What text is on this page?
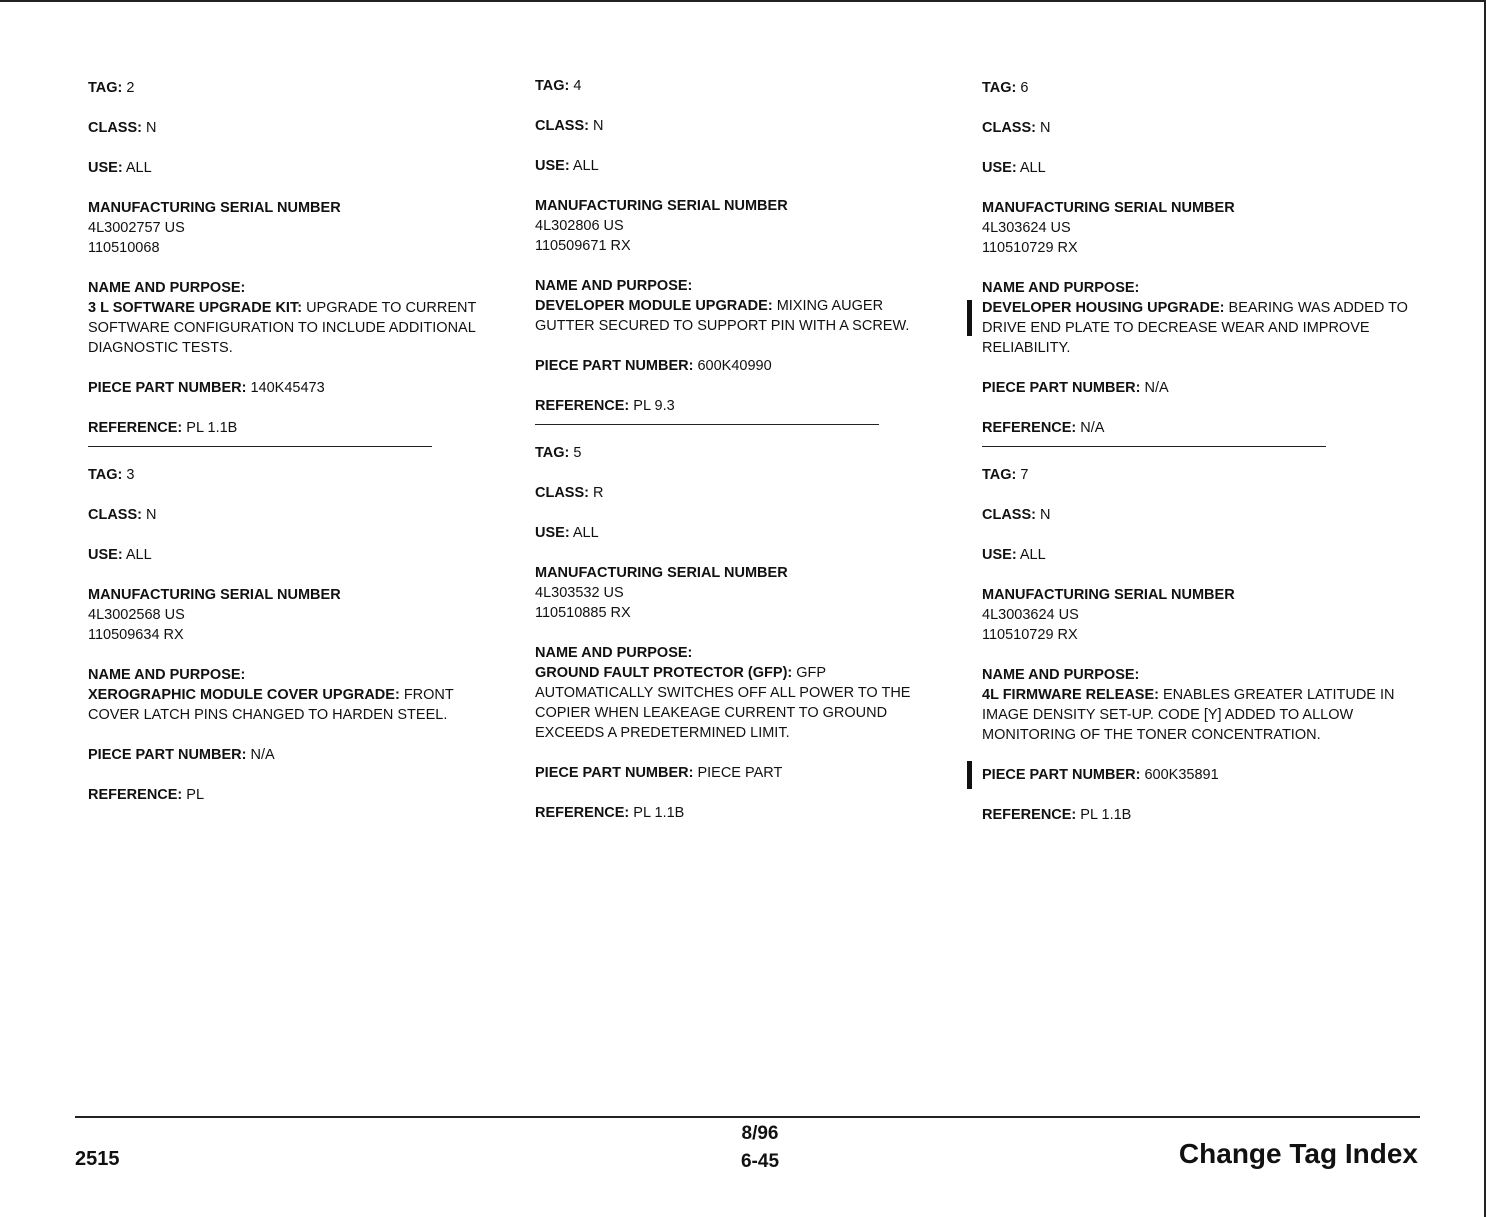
TAG: 2

CLASS: N

USE: ALL

MANUFACTURING SERIAL NUMBER
4L3002757 US
110510068

NAME AND PURPOSE:
3 L SOFTWARE UPGRADE KIT: UPGRADE TO CURRENT SOFTWARE CONFIGURATION TO INCLUDE ADDITIONAL DIAGNOSTIC TESTS.

PIECE PART NUMBER: 140K45473

REFERENCE: PL 1.1B

TAG: 3

CLASS: N

USE: ALL

MANUFACTURING SERIAL NUMBER
4L3002568 US
110509634 RX

NAME AND PURPOSE:
XEROGRAPHIC MODULE COVER UPGRADE: FRONT COVER LATCH PINS CHANGED TO HARDEN STEEL.

PIECE PART NUMBER: N/A

REFERENCE: PL

TAG: 4

CLASS: N

USE: ALL

MANUFACTURING SERIAL NUMBER
4L302806 US
110509671 RX

NAME AND PURPOSE:
DEVELOPER MODULE UPGRADE: MIXING AUGER GUTTER SECURED TO SUPPORT PIN WITH A SCREW.

PIECE PART NUMBER: 600K40990

REFERENCE: PL 9.3

TAG: 5

CLASS: R

USE: ALL

MANUFACTURING SERIAL NUMBER
4L303532 US
110510885 RX

NAME AND PURPOSE:
GROUND FAULT PROTECTOR (GFP): GFP AUTOMATICALLY SWITCHES OFF ALL POWER TO THE COPIER WHEN LEAKEAGE CURRENT TO GROUND EXCEEDS A PREDETERMINED LIMIT.

PIECE PART NUMBER: PIECE PART

REFERENCE: PL 1.1B

TAG: 6

CLASS: N

USE: ALL

MANUFACTURING SERIAL NUMBER
4L303624 US
110510729 RX

NAME AND PURPOSE:
DEVELOPER HOUSING UPGRADE: BEARING WAS ADDED TO DRIVE END PLATE TO DECREASE WEAR AND IMPROVE RELIABILITY.

PIECE PART NUMBER: N/A

REFERENCE: N/A

TAG: 7

CLASS: N

USE: ALL

MANUFACTURING SERIAL NUMBER
4L3003624 US
110510729 RX

NAME AND PURPOSE:
4L FIRMWARE RELEASE: ENABLES GREATER LATITUDE IN IMAGE DENSITY SET-UP. CODE [Y] ADDED TO ALLOW MONITORING OF THE TONER CONCENTRATION.

PIECE PART NUMBER: 600K35891

REFERENCE: PL 1.1B

2515
8/96
6-45	Change Tag Index
